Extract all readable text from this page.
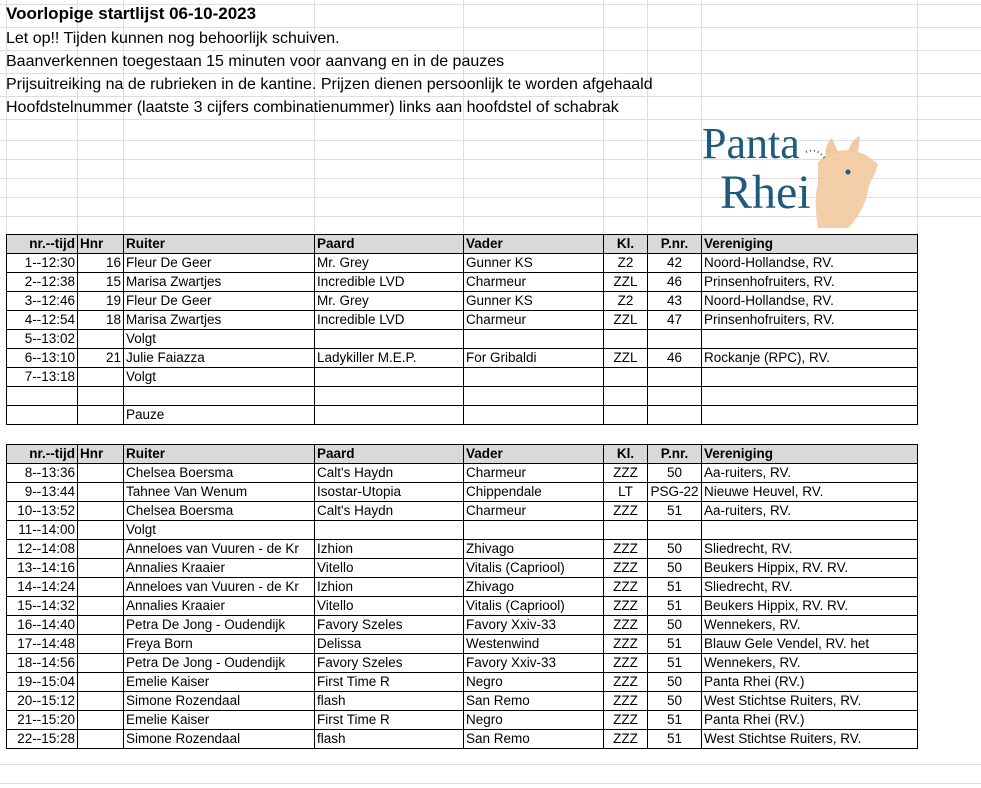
Voorlopige startlijst 06-10-2023
Let op!! Tijden kunnen nog behoorlijk schuiven.
Baanverkennen toegestaan 15 minuten voor aanvang en in de pauzes
Prijsuitreiking na de rubrieken in de kantine. Prijzen dienen persoonlijk te worden afgehaald
Hoofdstelnummer (laatste 3 cijfers combinatienummer) links aan hoofdstel of schabrak
Panta
Rhei
nr.--tijd	Hnr	Ruiter	Paard	Vader	Kl.	P.nr.	Vereniging
1--12:30	16	Fleur De Geer	Mr. Grey	Gunner KS	Z2	42	Noord-Hollandse, RV.
2--12:38	15	Marisa Zwartjes	Incredible LVD	Charmeur	ZZL	46	Prinsenhofruiters, RV.
3--12:46	19	Fleur De Geer	Mr. Grey	Gunner KS	Z2	43	Noord-Hollandse, RV.
4--12:54	18	Marisa Zwartjes	Incredible LVD	Charmeur	ZZL	47	Prinsenhofruiters, RV.
5--13:02		Volgt					
6--13:10	21	Julie Faiazza	Ladykiller M.E.P.	For Gribaldi	ZZL	46	Rockanje (RPC), RV.
7--13:18		Volgt					

		Pauze					
nr.--tijd	Hnr	Ruiter	Paard	Vader	Kl.	P.nr.	Vereniging
8--13:36		Chelsea Boersma	Calt's Haydn	Charmeur	ZZZ	50	Aa-ruiters, RV.
9--13:44		Tahnee Van Wenum	Isostar-Utopia	Chippendale	LT	PSG-22	Nieuwe Heuvel, RV.
10--13:52		Chelsea Boersma	Calt's Haydn	Charmeur	ZZZ	51	Aa-ruiters, RV.
11--14:00		Volgt					
12--14:08		Anneloes van Vuuren - de Kr	Izhion	Zhivago	ZZZ	50	Sliedrecht, RV.
13--14:16		Annalies Kraaier	Vitello	Vitalis (Capriool)	ZZZ	50	Beukers Hippix, RV. RV.
14--14:24		Anneloes van Vuuren - de Kr	Izhion	Zhivago	ZZZ	51	Sliedrecht, RV.
15--14:32		Annalies Kraaier	Vitello	Vitalis (Capriool)	ZZZ	51	Beukers Hippix, RV. RV.
16--14:40		Petra De Jong - Oudendijk	Favory Szeles	Favory Xxiv-33	ZZZ	50	Wennekers, RV.
17--14:48		Freya Born	Delissa	Westenwind	ZZZ	51	Blauw Gele Vendel, RV. het
18--14:56		Petra De Jong - Oudendijk	Favory Szeles	Favory Xxiv-33	ZZZ	51	Wennekers, RV.
19--15:04		Emelie Kaiser	First Time R	Negro	ZZZ	50	Panta Rhei (RV.)
20--15:12		Simone Rozendaal	flash	San Remo	ZZZ	50	West Stichtse Ruiters, RV.
21--15:20		Emelie Kaiser	First Time R	Negro	ZZZ	51	Panta Rhei (RV.)
22--15:28		Simone Rozendaal	flash	San Remo	ZZZ	51	West Stichtse Ruiters, RV.
